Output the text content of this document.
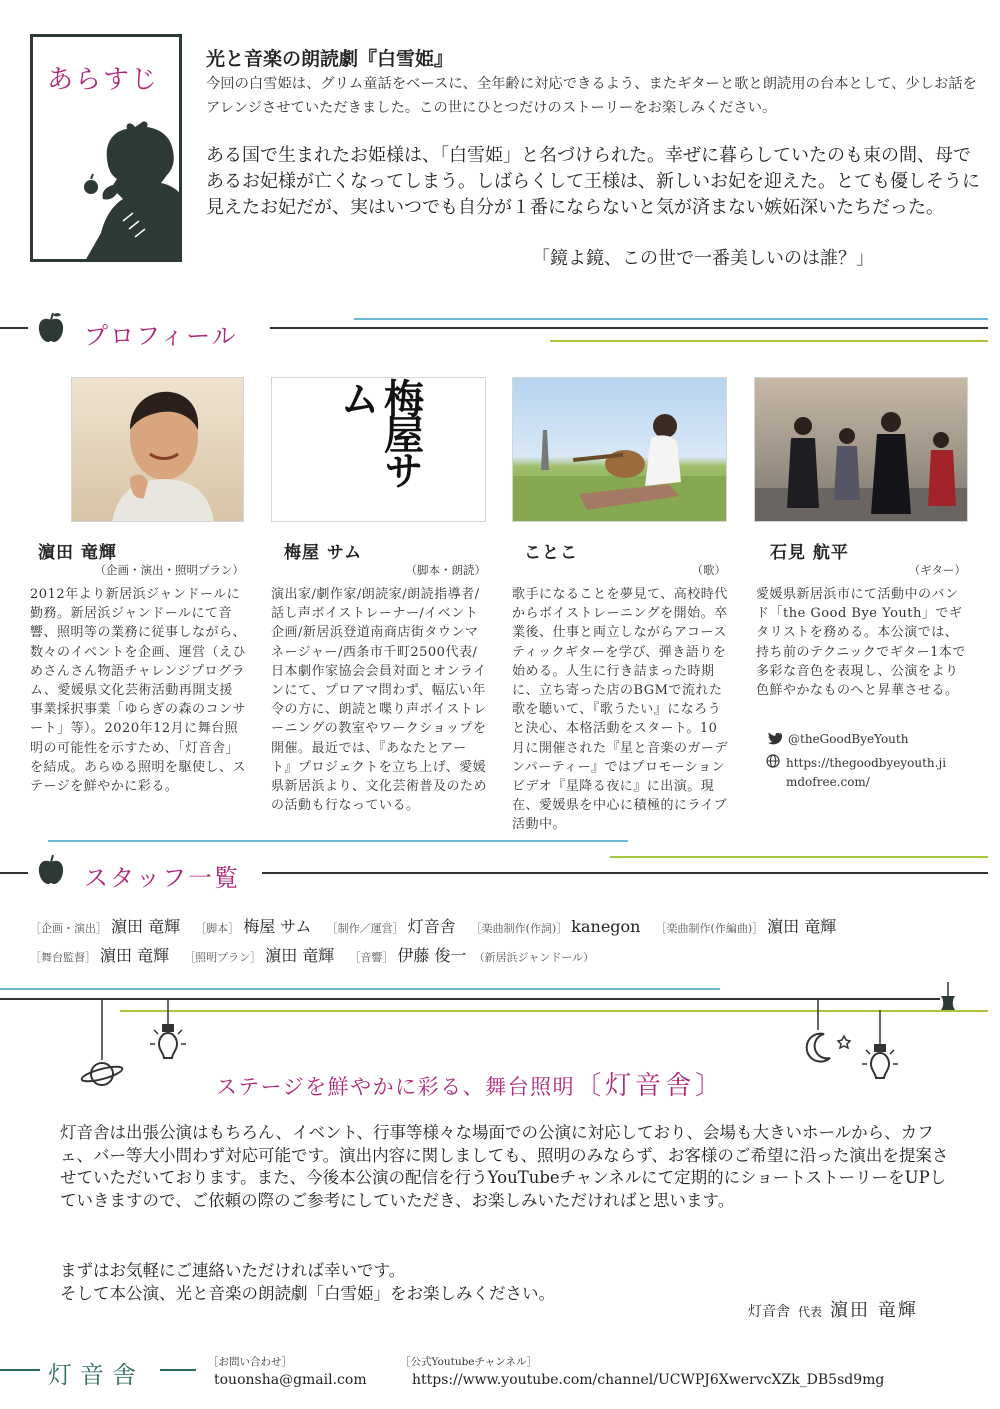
あらすじ
光と音楽の朗読劇『白雪姫』
今回の白雪姫は、グリム童話をベースに、全年齢に対応できるよう、またギターと歌と朗読用の台本として、少しお話をアレンジさせていただきました。この世にひとつだけのストーリーをお楽しみください。
ある国で生まれたお姫様は、「白雪姫」と名づけられた。幸ぜに暮らしていたのも束の間、母であるお妃様が亡くなってしまう。しばらくして王様は、新しいお妃を迎えた。とても優しそうに見えたお妃だが、実はいつでも自分が１番にならないと気が済まない嫉妬深いたちだった。
「鏡よ鏡、この世で一番美しいのは誰？」
プロフィール
梅屋サム
濵田 竜輝
（企画・演出・照明プラン）
梅屋 サム
（脚本・朗読）
ことこ
（歌）
石見 航平
（ギター）
2012年より新居浜ジャンドールに勤務。新居浜ジャンドールにて音響、照明等の業務に従事しながら、数々のイベントを企画、運営（えひめさんさん物語チャレンジプログラム、愛媛県文化芸術活動再開支援事業採択事業「ゆらぎの森のコンサート」等）。2020年12月に舞台照明の可能性を示すため、「灯音舎」を結成。あらゆる照明を駆使し、ステージを鮮やかに彩る。
演出家/劇作家/朗読家/朗読指導者/話し声ボイストレーナー/イベント企画/新居浜登道南商店街タウンマネージャー/西条市千町2500代表/日本劇作家協会会員対面とオンラインにて、プロアマ問わず、幅広い年令の方に、朗読と喋り声ボイストレーニングの教室やワークショップを開催。最近では、『あなたとアート』プロジェクトを立ち上げ、愛媛県新居浜より、文化芸術普及のための活動も行なっている。
歌手になることを夢見て、高校時代からボイストレーニングを開始。卒業後、仕事と両立しながらアコースティックギターを学び、弾き語りを始める。人生に行き詰まった時期に、立ち寄った店のBGMで流れた歌を聴いて、『歌うたい』になろうと決心、本格活動をスタート。10月に開催された『星と音楽のガーデンパーティー』ではプロモーションビデオ『星降る夜に』に出演。現在、愛媛県を中心に積極的にライブ活動中。
愛媛県新居浜市にて活動中のバンド「the Good Bye Youth」でギタリストを務める。本公演では、持ち前のテクニックでギター1本で多彩な音色を表現し、公演をより色鮮やかなものへと昇華させる。
@theGoodByeYouth
https://thegoodbyeyouth.jimdofree.com/
スタッフ一覧
［企画・演出］ 濵田 竜輝 ［脚本］ 梅屋 サム ［制作／運営］ 灯音舎 ［楽曲制作(作詞)］ kanegon ［楽曲制作(作編曲)］ 濵田 竜輝
［舞台監督］ 濵田 竜輝 ［照明プラン］ 濵田 竜輝 ［音響］ 伊藤 俊一 （新居浜ジャンドール）
ステージを鮮やかに彩る、舞台照明〔灯音舎〕
灯音舎は出張公演はもちろん、イベント、行事等様々な場面での公演に対応しており、会場も大きいホールから、カフェ、バー等大小問わず対応可能です。演出内容に関しましても、照明のみならず、お客様のご希望に沿った演出を提案させていただいております。また、今後本公演の配信を行うYouTubeチャンネルにて定期的にショートストーリーをUPしていきますので、ご依頼の際のご参考にしていただき、お楽しみいただければと思います。
まずはお気軽にご連絡いただければ幸いです。
そして本公演、光と音楽の朗読劇「白雪姫」をお楽しみください。
灯音舎 代表 濵田 竜輝
灯音舎	［お問い合わせ］
touonsha@gmail.com
［公式Youtubeチャンネル］
https://www.youtube.com/channel/UCWPJ6XwervcXZk_DB5sd9mg
